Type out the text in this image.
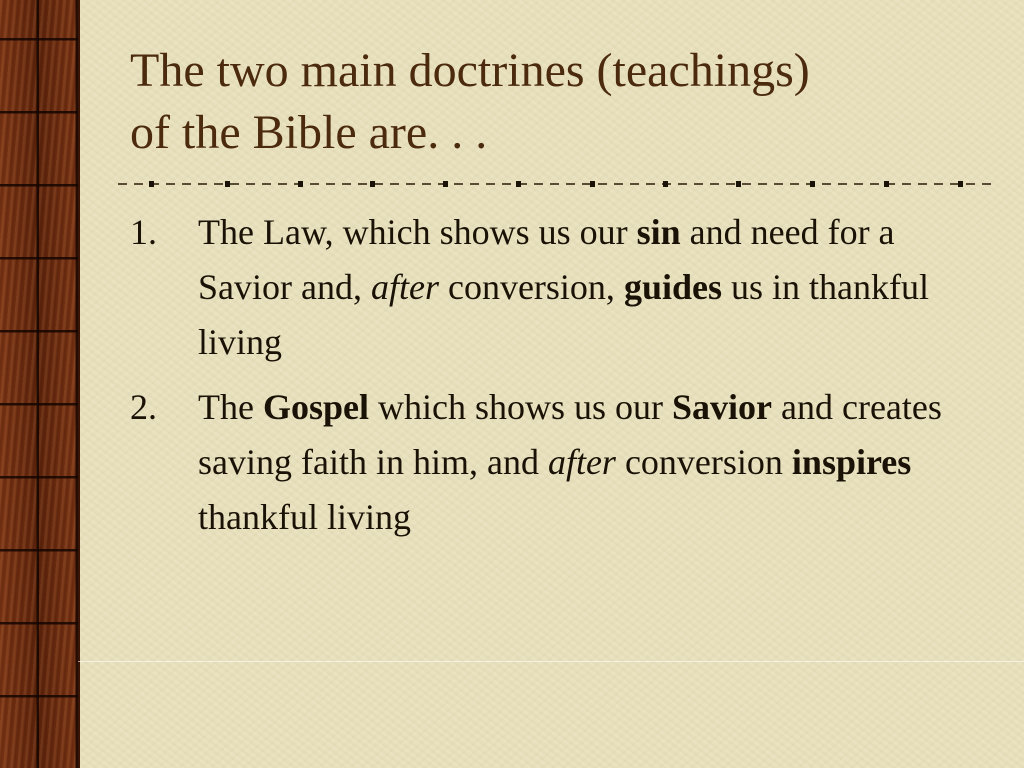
The two main doctrines (teachings)
of the Bible are. . .
1. The Law, which shows us our sin and need for a Savior and, after conversion, guides us in thankful living
2. The Gospel which shows us our Savior and creates saving faith in him, and after conversion inspires thankful living
